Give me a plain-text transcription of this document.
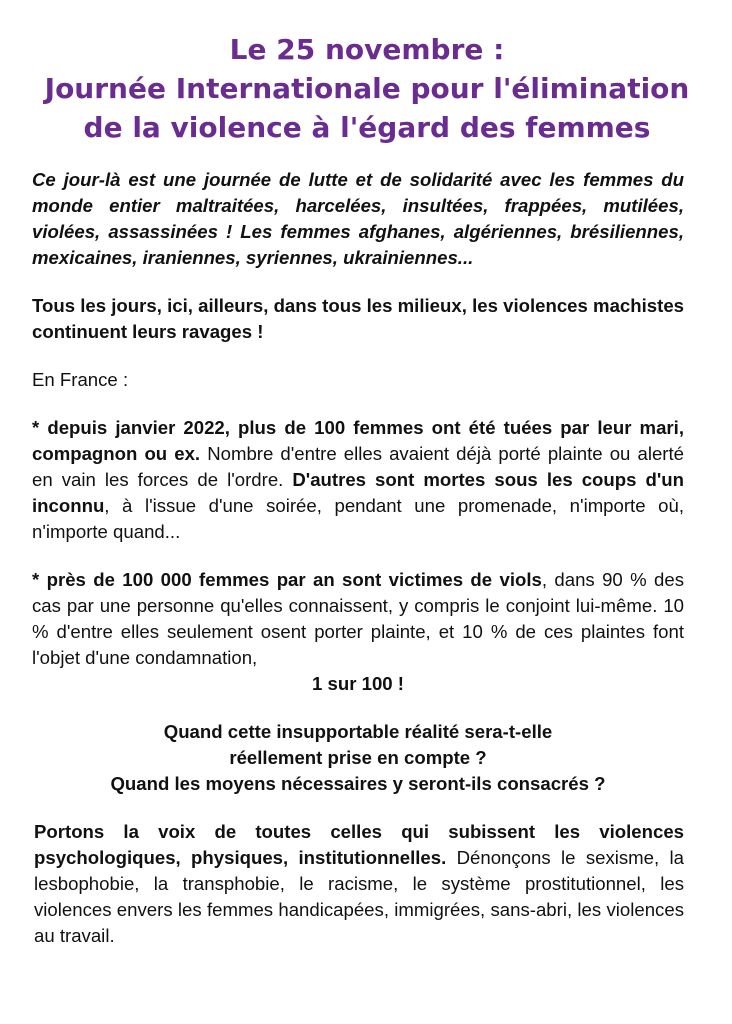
Le 25 novembre :
Journée Internationale pour l'élimination
de la violence à l'égard des femmes

Ce jour-là est une journée de lutte et de solidarité avec les femmes du monde entier maltraitées, harcelées, insultées, frappées, mutilées, violées, assassinées ! Les femmes afghanes, algériennes, brésiliennes, mexicaines, iraniennes, syriennes, ukrainiennes...

Tous les jours, ici, ailleurs, dans tous les milieux, les violences machistes continuent leurs ravages !

En France :

* depuis janvier 2022, plus de 100 femmes ont été tuées par leur mari, compagnon ou ex. Nombre d'entre elles avaient déjà porté plainte ou alerté en vain les forces de l'ordre. D'autres sont mortes sous les coups d'un inconnu, à l'issue d'une soirée, pendant une promenade, n'importe où, n'importe quand...

* près de 100 000 femmes par an sont victimes de viols, dans 90 % des cas par une personne qu'elles connaissent, y compris le conjoint lui-même. 10 % d'entre elles seulement osent porter plainte, et 10 % de ces plaintes font l'objet d'une condamnation,

1 sur 100 !

Quand cette insupportable réalité sera-t-elle
réellement prise en compte ?
Quand les moyens nécessaires y seront-ils consacrés ?

Portons la voix de toutes celles qui subissent les violences psychologiques, physiques, institutionnelles. Dénonçons le sexisme, la lesbophobie, la transphobie, le racisme, le système prostitutionnel, les violences envers les femmes handicapées, immigrées, sans-abri, les violences au travail.
